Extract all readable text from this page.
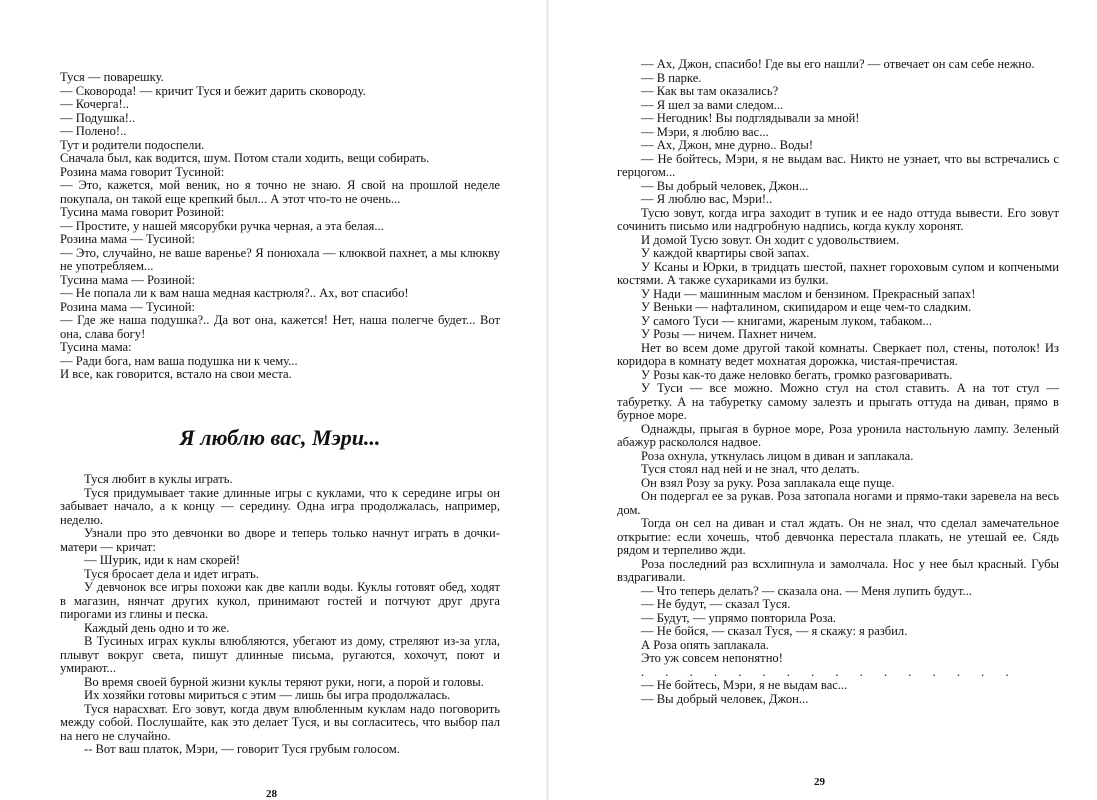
Туся — поварешку.

— Сковорода! — кричит Туся и бежит дарить сковороду.

— Кочерга!..

— Подушка!..

— Полено!..

Тут и родители подоспели.

Сначала был, как водится, шум. Потом стали ходить, вещи собирать.

Розина мама говорит Тусиной:

— Это, кажется, мой веник, но я точно не знаю. Я свой на прошлой неделе покупала, он такой еще крепкий был... А этот что-то не очень...

Тусина мама говорит Розиной:

— Простите, у нашей мясорубки ручка черная, а эта белая...

Розина мама — Тусиной:

— Это, случайно, не ваше варенье? Я понюхала — клюквой пахнет, а мы клюкву не употребляем...

Тусина мама — Розиной:

— Не попала ли к вам наша медная кастрюля?.. Ах, вот спасибо!

Розина мама — Тусиной:

— Где же наша подушка?.. Да вот она, кажется! Нет, наша полегче будет... Вот она, слава богу!

Тусина мама:

— Ради бога, нам ваша подушка ни к чему...

И все, как говорится, встало на свои места.

Я люблю вас, Мэри...

Туся любит в куклы играть.

Туся придумывает такие длинные игры с куклами, что к середине игры он забывает начало, а к концу — середину. Одна игра продолжалась, например, неделю.

Узнали про это девчонки во дворе и теперь только начнут играть в дочки-матери — кричат:

— Шурик, иди к нам скорей!

Туся бросает дела и идет играть.

У девчонок все игры похожи как две капли воды. Куклы готовят обед, ходят в магазин, нянчат других кукол, принимают гостей и потчуют друг друга пирогами из глины и песка.

Каждый день одно и то же.

В Тусиных играх куклы влюбляются, убегают из дому, стреляют из-за угла, плывут вокруг света, пишут длинные письма, ругаются, хохочут, поют и умирают...

Во время своей бурной жизни куклы теряют руки, ноги, а порой и головы.

Их хозяйки готовы мириться с этим — лишь бы игра продолжалась.

Туся нарасхват. Его зовут, когда двум влюбленным куклам надо поговорить между собой. Послушайте, как это делает Туся, и вы согласитесь, что выбор пал на него не случайно.

-- Вот ваш платок, Мэри, — говорит Туся грубым голосом.

28

— Ах, Джон, спасибо! Где вы его нашли? — отвечает он сам себе нежно.

— В парке.

— Как вы там оказались?

— Я шел за вами следом...

— Негодник! Вы подглядывали за мной!

— Мэри, я люблю вас...

— Ах, Джон, мне дурно.. Воды!

— Не бойтесь, Мэри, я не выдам вас. Никто не узнает, что вы встречались с герцогом...

— Вы добрый человек, Джон...

— Я люблю вас, Мэри!..

Тусю зовут, когда игра заходит в тупик и ее надо оттуда вывести. Его зовут сочинить письмо или надгробную надпись, когда куклу хоронят.

И домой Тусю зовут. Он ходит с удовольствием.

У каждой квартиры свой запах.

У Ксаны и Юрки, в тридцать шестой, пахнет гороховым супом и копчеными костями. А также сухариками из булки.

У Нади — машинным маслом и бензином. Прекрасный запах!

У Веньки — нафталином, скипидаром и еще чем-то сладким.

У самого Туси — книгами, жареным луком, табаком...

У Розы — ничем. Пахнет ничем.

Нет во всем доме другой такой комнаты. Сверкает пол, стены, потолок! Из коридора в комнату ведет мохнатая дорожка, чистая-пречистая.

У Розы как-то даже неловко бегать, громко разговаривать.

У Туси — все можно. Можно стул на стол ставить. А на тот стул — табуретку. А на табуретку самому залезть и прыгать оттуда на диван, прямо в бурное море.

Однажды, прыгая в бурное море, Роза уронила настольную лампу. Зеленый абажур раскололся надвое.

Роза охнула, уткнулась лицом в диван и заплакала.

Туся стоял над ней и не знал, что делать.

Он взял Розу за руку. Роза заплакала еще пуще.

Он подергал ее за рукав. Роза затопала ногами и прямо-таки заревела на весь дом.

Тогда он сел на диван и стал ждать. Он не знал, что сделал замечательное открытие: если хочешь, чтоб девчонка перестала плакать, не утешай ее. Сядь рядом и терпеливо жди.

Роза последний раз всхлипнула и замолчала. Нос у нее был красный. Губы вздрагивали.

— Что теперь делать? — сказала она. — Меня лупить будут...

— Не будут, — сказал Туся.

— Будут, — упрямо повторила Роза.

— Не бойся, — сказал Туся, — я скажу: я разбил.

А Роза опять заплакала.

Это уж совсем непонятно!

. . . . . . . . . . . . . . . .

— Не бойтесь, Мэри, я не выдам вас...

— Вы добрый человек, Джон...

29
